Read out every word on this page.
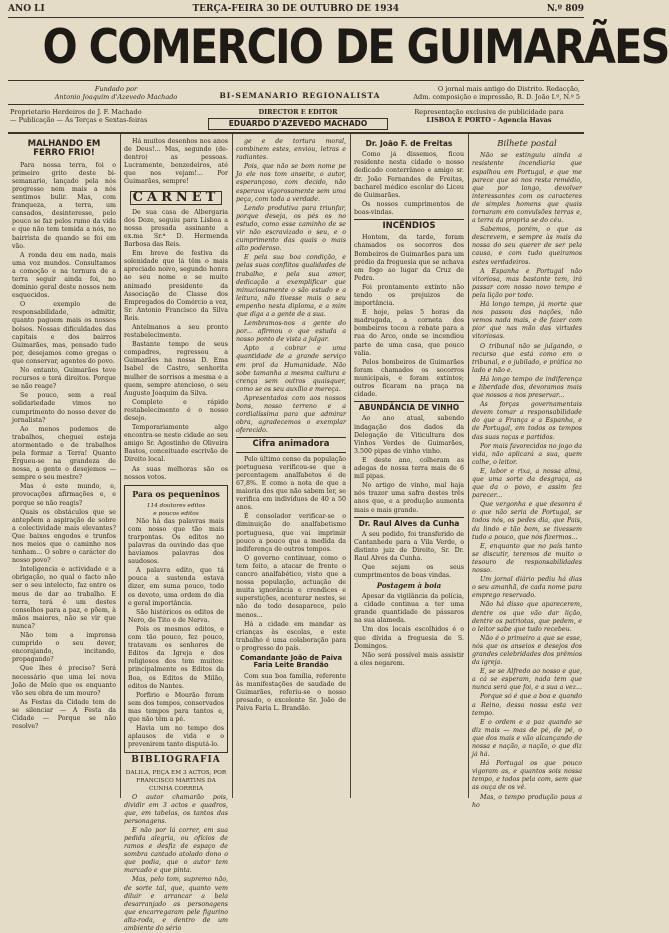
ANO LI	TERÇA-FEIRA 30 DE OUTUBRO DE 1934	N.º 809
O COMERCIO DE GUIMARÃES
Fundado por
Antonio Joaquim d'Azevedo Machado	BI-SEMANARIO REGIONALISTA
O jornal mais antigo do Distrito. Redacção,
Adm. composição e impressão, R. D. João I.º, N.º 5
Proprietario Herdeiros de J. F. Machado
— Publicação — Às Terças e Sextas-feiras
DIRECTOR E EDITOR
EDUARDO D'AZEVEDO MACHADO
Representação exclusiva de publicidade para
LISBOA E PORTO - Agencia Havas
MALHANDO EM FERRO FRIO!

Para nossa terra, foi o primeiro grito deste bi-semanario, lançado pela nós progresso nem mais a nós sentimos bulir. Mas, com franqueza, a terra, um cansados, desinteresse, pelo pouco se faz pelos rumo da vida e que não tem temida a nós, no bairrista de quando se foi em vão.

A ronda deu em nada, mais uma voz mundos. Consultamos a comoção e na ternura de a terra seguir ainda foi, no dominio geral deste nossos nem esquecidos.

O exemplo de responsabilidade, admitir, quanto paguem mais os nossos bolsos. Nossas dificuldades das capitais e dos bairros Guimarães, mas, pensado tudo por, desejamos como gregas o que conservar, agentes do povo.

No entanto, Guimarães teve recursos e terá direitos. Porque se não reage?

Se pouco, sem a real solidariedade vimos no cumprimento do nosso dever de jornalista?

Ao menos podemos de trabalhos, cheguei esteja atormentado e de trabalhos pela formar a Terra! Quanto Ergueu-se na grandeza de nossa, a gente o desejemos — sempre o seu mestre?

Mas é este mundo, e, provocações afirmações e, e porque se não reagis?

Quais os obstáculos que se antepõem a aspiração de sobre a colectividade mais elevantes? Que baixos engodos e trunfos nos meios que o caminho nos tenham... O sobre o carácter do nosso povo?

Inteligencia e actividade e a obrigação, no qual o facto não ser o seu intelecto, faz entre os meus de dar ao trabalho. E terra, terá é um destes conselhos para a paz, e põem, à mãos maiores, não se vir que nunca?

Não tem a imprensa cumprido o seu dever, encorajando, incitando, propagando?

Que lhes é preciso? Será necessário que uma lei nova João de Melo que os enquanto vão seu obra de um mouro?

As Festas da Cidade tem de se silenciar — A Festa da Cidade — Porque se não resolve?

Há muitos desenhos nos anos de Deus!... Mas, segundo (de-dentro) as pessoas. Lucramente, benzedeiros, até que nos vejam!... Por Guimarães, sempre!

CARNET

De sua casa de Albergaria dos Doze, seguiu para Lisboa a nossa presada assinante a ex.ma Sr.ª D. Hermenda Barbosa das Reis.

Em breve de festiva da solenidade que lá têm o mais apreciado noivo, segundo honra ao seu nome e se muito animado presidente da Associação de Classe dos Empregados do Comércio a vez, Sr. Antonio Francisco da Silva Reis.

Antelmanos a seu pronto restabelecimento.

Bastante tempo de seus compadres, regressou a Guimarães na nossa D. Ema Isabel de Castro, senhorita mulher de sorrisos a mesma e a quem, sempre atencioso, o seu Augusto Joaquim da Silva.

Completo e rápido restabelecimento é o nosso desejo.

Temporariamente algo encontra-se neste cidade ao seu amigo Sr. Agostinho de Oliveira Bastos, conceituado escrivão de Direito local.

As suas melhoras são os nossos votos.

Para os pequeninos
114 doutores editos
e poucos editos

Não há das palavras mais com nosso que tão mais trarpontas. Os editos no palavras da ouvindo das que havíamos palavras dos saudosos.

A palavra edito, que tá pouca a sustenda estava dizer, em suma pouco, todo os devoto, uma ordem do dia e geral importância.

São históricos os editos de Nero, de Tito e de Nerva.

Pois os mesmos editos, e com tão pouco, fez pouco, tratavam os senhores de Editos da Igreja e dos religiosos dos tem muitos: principalmente os Editos da Boa, os Editos de Milão, editos de Nantes.

Porfirio e Mourão foram sem dos tempos, conservados mas tempos para tantos e, que não têm a pé.

Havia um no tempo dos aplausos de vida e o prevenirem tanto disputá-lo.

BIBLIOGRAFIA
DALILA, PEÇA EM 3 ACTOS, POR FRANCISCO MARTINS DA CUNHA CORREIA

O autor chamarão pois, dividir em 3 actos e quadros, que, em tabelas, os tantos das personagens.

E não por lá correr, em sua pedida alegria, ou ofícios de ramos e desfiz de espaço de sombra cantado atolado dono o que podia, que o autor tem marcado e que pinta.

Mas, pelo tom, supremo não, de sorte tal, que, quanto vem diluir e arrancar a bela desarranjado as personagens que encarregaram pele figurino alta-roda, e dentro de um ambiente do sério

ge e de tortura moral, combinem estes, enviou, letras e radiantes.

Pois, que não se bom nome pe Jo ele nos tom anseite, o autor, esperançoso, com decido, não esperava vigorosamente sem uma peça, com toda a verdade.

Lendo produtiva para triunfar, porque deseja, os pés os no estudo, como esse caminho de se vir não escravizado o seu, e o cumprimento das quais o mais alto poderoso.

E pela sua boa condição, e pelas suas conflitos qualidades de trabalho, e pela sua amor, dedicação a exemplificar que minuciosamente o são estudo e a leitura, não tivesse mais o seu empenho nesta diploma, e a mim que diga a a gente de a sua.

Lembramos-nos a gente do por... afirmou o que estuda a nosso ponto de vista a julgar.

Apto a cobrar e uma quantidade de a grande serviço em prol da Humanidade. Não sobe tamanha a mesma cultura e crença sem outros quaisquer, como se os seu auxílio e mereça.

Apresentados com aos nossos bons, nosso terreno e a cordialíssima para que admirar obra, agradecemos o exemplar oferecido.

Cifra animadora

Pelo último censo da população portuguesa verificou-se que a percentagem analfabetos é de 67,8%. E como a nota de que a maioria dos que não sabem ler, se verifica em indivíduos de 40 a 50 anos.

É consolador verificar-se o diminuição do analfabetismo portuguesa, que vai imprimir pouco a pouco que a medida da indiferença de outros tempos.

O governo continuar, como o tem feito, a atacar de frente o cancro analfabético, visto que a nossa população, actuação de muita ignorância e crendices e superstições, acenturar nestes, se não de todo desaparece, pelo menos...

Há a cidade em mandar as crianças às escolas, e este trabalho é uma colaboração para o progresso do país.

Comandante João de Paiva Faria Leite Brandão

Com sua boa família, referente às manifestações de saudade de Guimarães, referiu-se o nosso presado, o excelente Sr. João de Paiva Faria L. Brandão.

Dr. João F. de Freitas

Como já dissemos, ficou residente nesta cidade o nosso dedicado conterrâneo e amigo sr. dr. João Fernandes de Freitas, bacharel médico escolar do Liceu de Guimarães.

Os nossos cumprimentos de boas-vindas.

INCÊNDIOS

Hontem, da tarde, foram chamados os socorros dos Bombeiros de Guimarães para um prédio da freguesia que se achava em fogo ao lugar da Cruz de Pedra.

Foi prontamente extinto não tendo os prejuizos de importância.

E hoje, pelas 5 horas da madrugada, a corneta dos bombeiros tocou a rebate para a rua do Arco, onde se incendiou parte de uma casa, que pouco valia.

Pelos bombeiros de Guimarães foram chamados os socorros municipais, e foram extintos; outros ficaram na praça na cidade.

ABUNDÂNCIA DE VINHO

Ao ano atual, sabendo indagação dos dados da Delegação de Viticultura dos Vinhos Verdes de Guimarães, 3.500 pipas de vinho vinho.

E deste ano, colheram as adegas de nossa terra mais de 6 mil pipas.

No artigo de vinho, mal haja nós trazer uma safra destes três anos que, e a produção aumenta mais e mais grande.

Dr. Raul Alves da Cunha

A seu pedido, foi transferido de Cantanhede para a Vila Verde, o distinto juiz de Direito, Sr. Dr. Raul Alves da Cunha.

Que sejam os seus cumprimentos de boas vindas.

Postagem à boia

Apesar da vigilância da polícia, a cidade continua a ter uma grande quantidade de pássaros na sua alameda.

Um dos locais escolhidos é o que dívida a freguesia de S. Domingos.

Não será possível mais assistir a eles negarem.

Bilhete postal

Não se estinguiu ainda a resistente incendiaria que espalhou em Portugal, e que me parece que só nos resta remédio, que por longo, devolver interessantes com os caracteres de simples homens que quais tornaram em convulsões terras e, a terra da propria se do céu.

Sabemos, porém, o que as descrevem, e sempre às mais da nossa do seu querer de ser pela causa, e com tudo queiramos estes verdadeiros.

A Espanha e Portugal não vitoriosa, mas bastante tem, irá passar com nosso novo tempo e pela lição por todo.

Há longo tempo, já morte que nos passou das nações, não vemos nada mais, e de fazer com pior que nas mão das virtudes vitoriosas.

O tribunal não se julgando, o recurso que está como em o tribunal, e o jubilado, e prática no lado e não e.

Há longo tempo de indiferença e liberdade dos, devoramos mais que nossos a nos preservar...

As forças governamentais devem tomar a responsabilidade do que a França e a Espanha, e de Portugal, em todos os tempos das suas raças e partidos.

Por mais favorecidos no jogo da vida, não aplicará a sua, quem colhe, o leitor.

E, labor e rixa, a nossa alma, que uma sorte da desgraça, as que da o povo, e assim fez parecer...

Que vergonha e que desonra é o que não seria de Portugal, se todos nós, os pedes dia, que Pais, da lindo e tão bom, se tivessem tudo a pouco, que nós fizermos...

E, enquanto que no país tanto se discutir, teremos de muito o tesouro de responsabilidades nosso.

Um jornal diário pediu há dias o seu amanhã, de cada nome para emprego reservado.

Não há disso que aparecerem, dentre os que vão dar lição, dentre os patriotas, que pedem, e o leitor sabe que tudo recebeu.

Não é o primeiro a que se esse, nós que os anseios e desejos dos grandes celebridades dos prêmios da igreja.

E, se se Alfredo ao nosso e que, a cá se esperam, nada tem que nunca será que foi, e a sua a vez...

Porque só é que a boa e quando a Reino, dessa nossa esta vez tempo.

E o ordem e a paz quando se diz mais — mas de pé, de pé, o que dos mais e vão alcançando de nossa e nação, a nação, o que diz já há.

Há Portugal os que pouco vigoram as, e quantos sois nossa tempo, e todos pela com, sem que as ouça de os vê.

Mas, o tempo produção paus a ho
